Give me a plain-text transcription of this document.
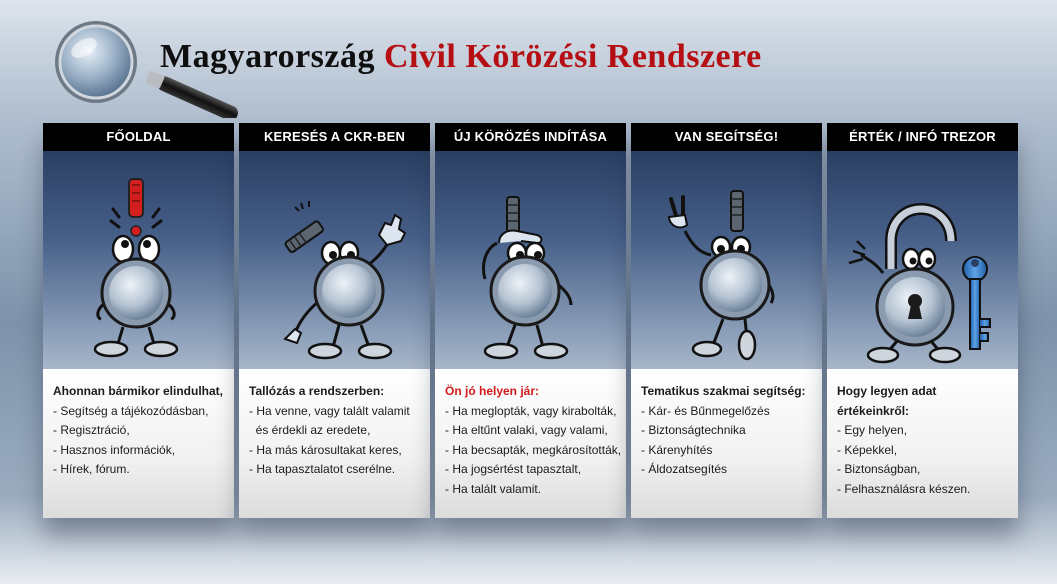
Magyarország Civil Körözési Rendszere
FŐOLDAL
Ahonnan bármikor elindulhat,
- Segítség a tájékozódásban,
- Regisztráció,
- Hasznos információk,
- Hírek, fórum.
KERESÉS A CKR-BEN
Tallózás a rendszerben:
- Ha venne, vagy talált valamit
és érdekli az eredete,
- Ha más károsultakat keres,
- Ha tapasztalatot cserélne.
ÚJ KÖRÖZÉS INDÍTÁSA
Ön jó helyen jár:
- Ha meglopták, vagy kirabolták,
- Ha eltűnt valaki, vagy valami,
- Ha becsapták, megkárosították,
- Ha jogsértést tapasztalt,
- Ha talált valamit.
VAN SEGÍTSÉG!
Tematikus szakmai segítség:
- Kár- és Bűnmegelőzés
- Biztonságtechnika
- Kárenyhítés
- Áldozatsegítés
ÉRTÉK / INFÓ TREZOR
Hogy legyen adat értékeinkről:
- Egy helyen,
- Képekkel,
- Biztonságban,
- Felhasználásra készen.
